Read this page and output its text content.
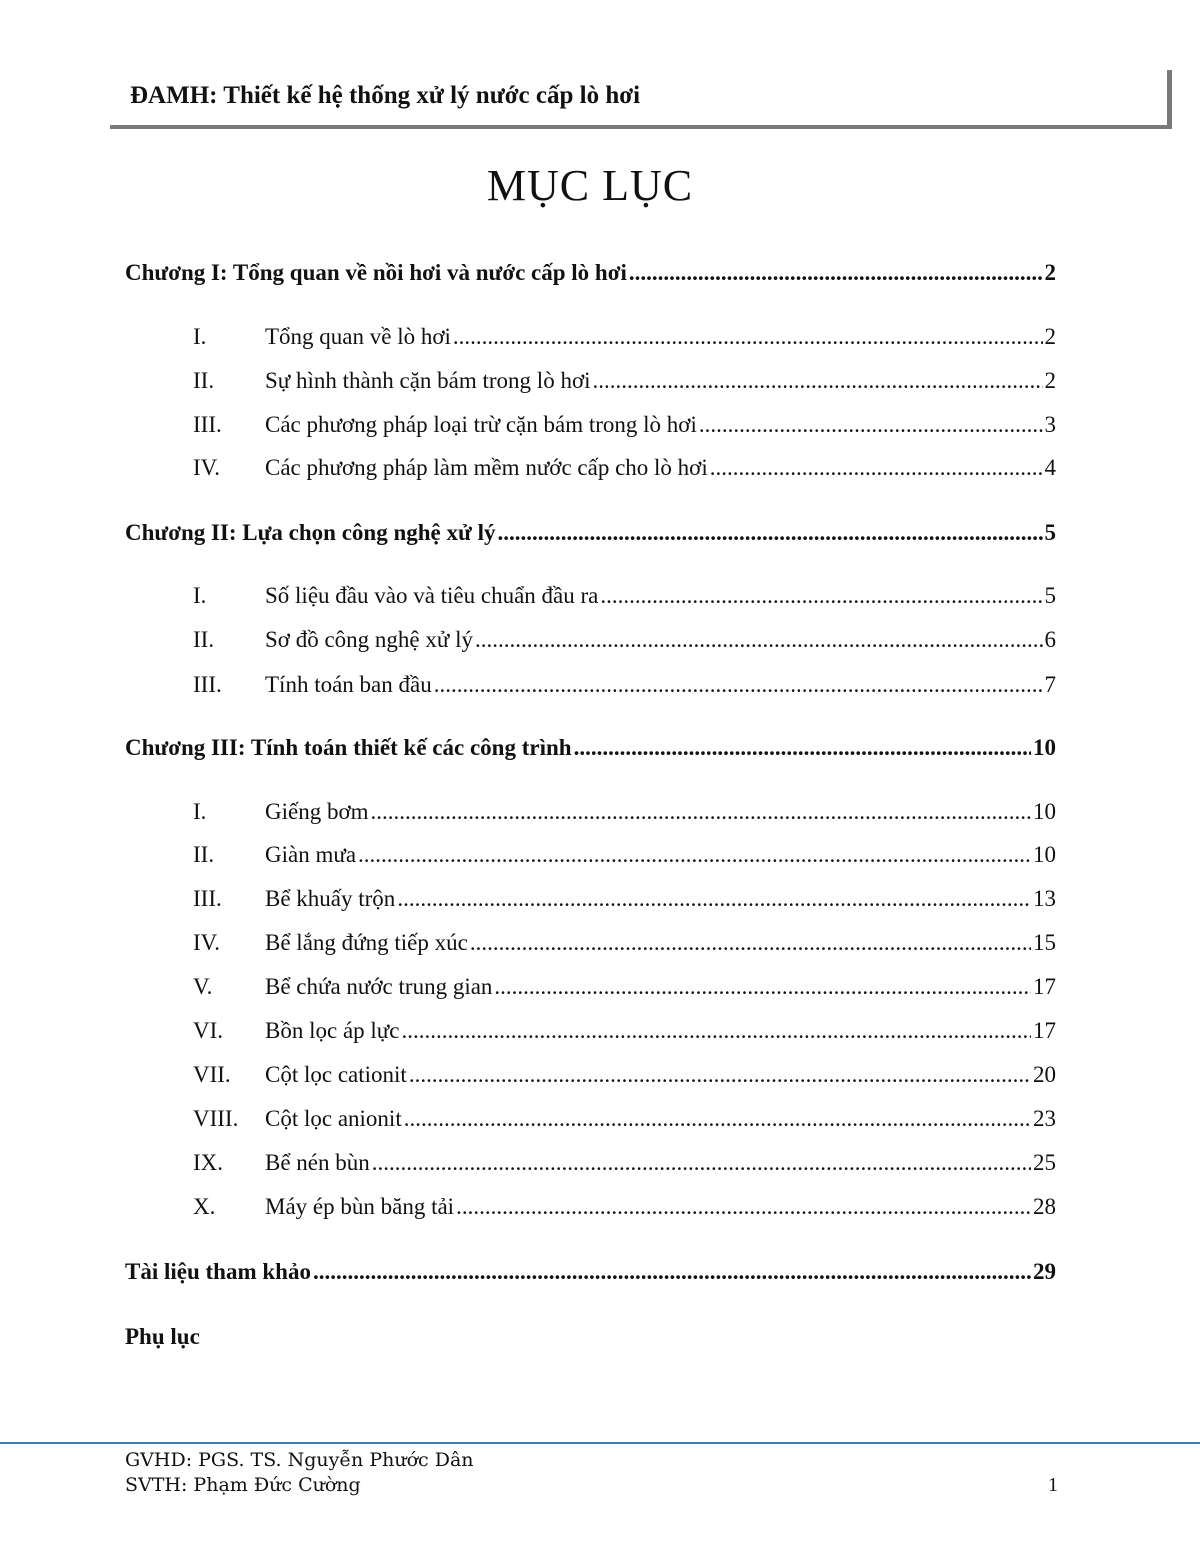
ĐAMH: Thiết kế hệ thống xử lý nước cấp lò hơi
MỤC LỤC
Chương I: Tổng quan về nồi hơi và nước cấp lò hơi .....	2
I.	Tổng quan về lò hơi .....	2
II.	Sự hình thành cặn bám trong lò hơi .....	2
III.	Các phương pháp loại trừ cặn bám trong lò hơi .....	3
IV.	Các phương pháp làm mềm nước cấp cho lò hơi .....	4
Chương II: Lựa chọn công nghệ xử lý .....	5
I.	Số liệu đầu vào và tiêu chuẩn đầu ra .....	5
II.	Sơ đồ công nghệ xử lý .....	6
III.	Tính toán ban đầu .....	7
Chương III: Tính toán thiết kế các công trình .....	10
I.	Giếng bơm .....	10
II.	Giàn mưa .....	10
III.	Bể khuấy trộn .....	13
IV.	Bể lắng đứng tiếp xúc .....	15
V.	Bể chứa nước trung gian .....	17
VI.	Bồn lọc áp lực .....	17
VII.	Cột lọc cationit .....	20
VIII.	Cột lọc anionit .....	23
IX.	Bể nén bùn .....	25
X.	Máy ép bùn băng tải .....	28
Tài liệu tham khảo .....	29
Phụ lục
GVHD: PGS. TS. Nguyễn Phước Dân
SVTH: Phạm Đức Cường	1
